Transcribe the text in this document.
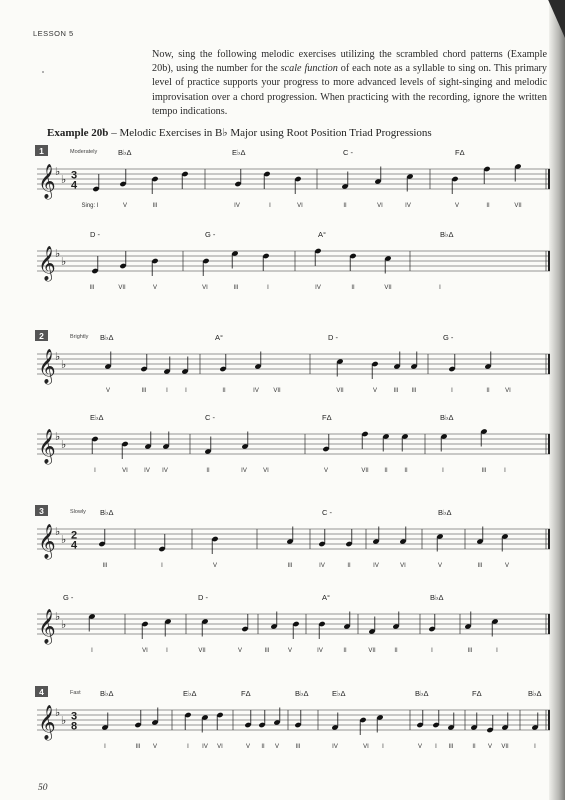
LESSON 5
Now, sing the following melodic exercises utilizing the scrambled chord patterns (Example 20b), using the number for the scale function of each note as a syllable to sing on. This primary level of practice supports your progress to more advanced levels of sight-singing and melodic improvisation over a chord progression. When practicing with the recording, ignore the written tempo indications.
Example 20b – Melodic Exercises in B♭ Major using Root Position Triad Progressions
𝄞 ♭
♭ 3
4
1	Moderately	B♭Δ	E♭Δ	C -	FΔ
Sing: I	V	III	IV	I	VI	II	VI	IV	V	II	VII
𝄞 ♭
♭
D -	G -	A°	B♭Δ
III	VII	V	VI	III	I	IV	II	VII	I
𝄞 ♭
♭
2	Brightly B♭Δ	A°	D -	G -
V	III	I	I	II	IV VII	VII	V	III III	I	II	VI
𝄞 ♭
♭
E♭Δ	C -	FΔ	B♭Δ
I	VI	IV IV	II	IV	VI	V	VII	II	II	I	III	I
𝄞 ♭
♭ 2
4
3	Slowly B♭Δ	C -	B♭Δ
III	I	V	III	IV	II	IV	VI	V	III	V
𝄞 ♭
♭
G -	D -	A°	B♭Δ
I	VI	I	VII	V	III	V	IV	II	VII	II	I	III	I
𝄞 ♭
♭ 3
8
4	Fast	B♭Δ	E♭Δ	FΔ	B♭Δ	E♭Δ	B♭Δ	FΔ	B♭Δ
I	III V	I IV VI	V II V	III	IV	VI I	V I III	II V VII	I
50
